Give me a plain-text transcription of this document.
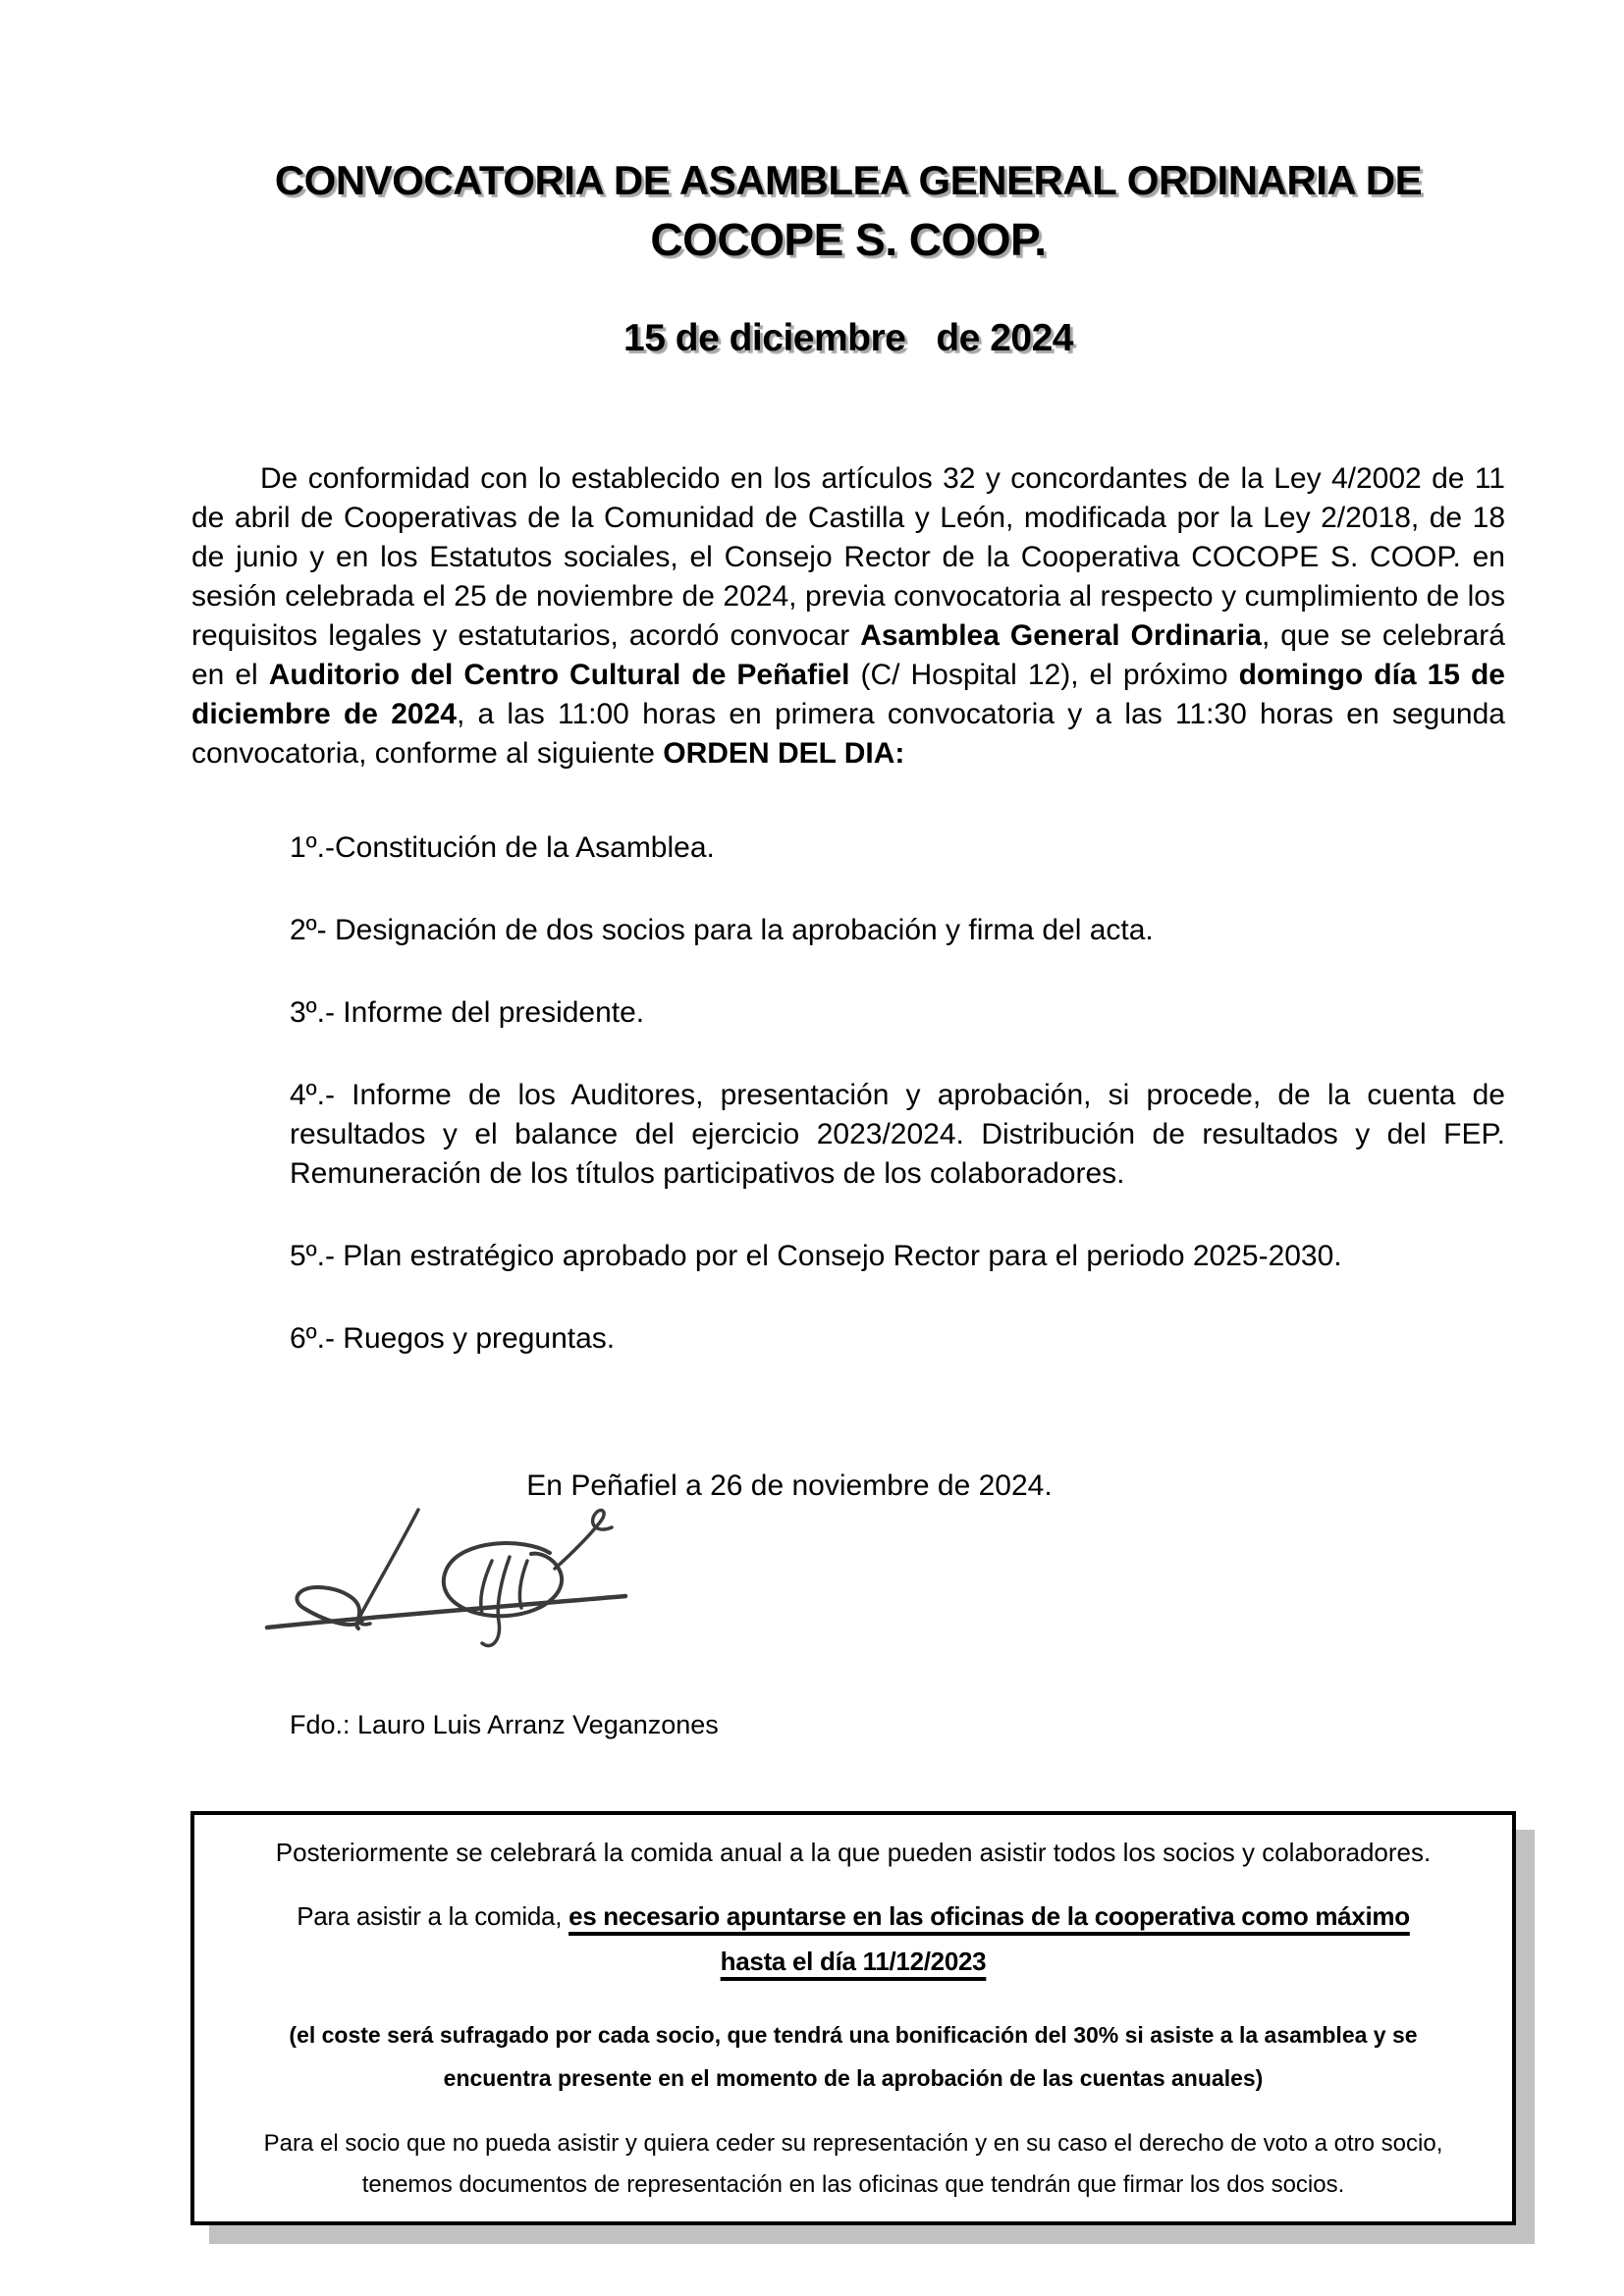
CONVOCATORIA DE ASAMBLEA GENERAL ORDINARIA DE
COCOPE S. COOP.
15 de diciembre   de 2024

De conformidad con lo establecido en los artículos 32 y concordantes de la Ley 4/2002 de 11 de abril de Cooperativas de la Comunidad de Castilla y León, modificada por la Ley 2/2018, de 18 de junio y en los Estatutos sociales, el Consejo Rector de la Cooperativa COCOPE S. COOP. en sesión celebrada el 25 de noviembre de 2024, previa convocatoria al respecto y cumplimiento de los requisitos legales y estatutarios, acordó convocar Asamblea General Ordinaria, que se celebrará en el Auditorio del Centro Cultural de Peñafiel (C/ Hospital 12), el próximo domingo día 15 de diciembre de 2024, a las 11:00 horas en primera convocatoria y a las 11:30 horas en segunda convocatoria, conforme al siguiente ORDEN DEL DIA:

1º.-Constitución de la Asamblea.
2º- Designación de dos socios para la aprobación y firma del acta.
3º.- Informe del presidente.
4º.- Informe de los Auditores, presentación y aprobación, si procede, de la cuenta de resultados y el balance del ejercicio 2023/2024. Distribución de resultados y del FEP. Remuneración de los títulos participativos de los colaboradores.
5º.- Plan estratégico aprobado por el Consejo Rector para el periodo 2025-2030.
6º.- Ruegos y preguntas.

En Peñafiel a 26 de noviembre de 2024.

Fdo.: Lauro Luis Arranz Veganzones

Posteriormente se celebrará la comida anual a la que pueden asistir todos los socios y colaboradores.

Para asistir a la comida, es necesario apuntarse en las oficinas de la cooperativa como máximo
hasta el día 11/12/2023

(el coste será sufragado por cada socio, que tendrá una bonificación del 30% si asiste a la asamblea y se
encuentra presente en el momento de la aprobación de las cuentas anuales)

Para el socio que no pueda asistir y quiera ceder su representación y en su caso el derecho de voto a otro socio,
tenemos documentos de representación en las oficinas que tendrán que firmar los dos socios.
